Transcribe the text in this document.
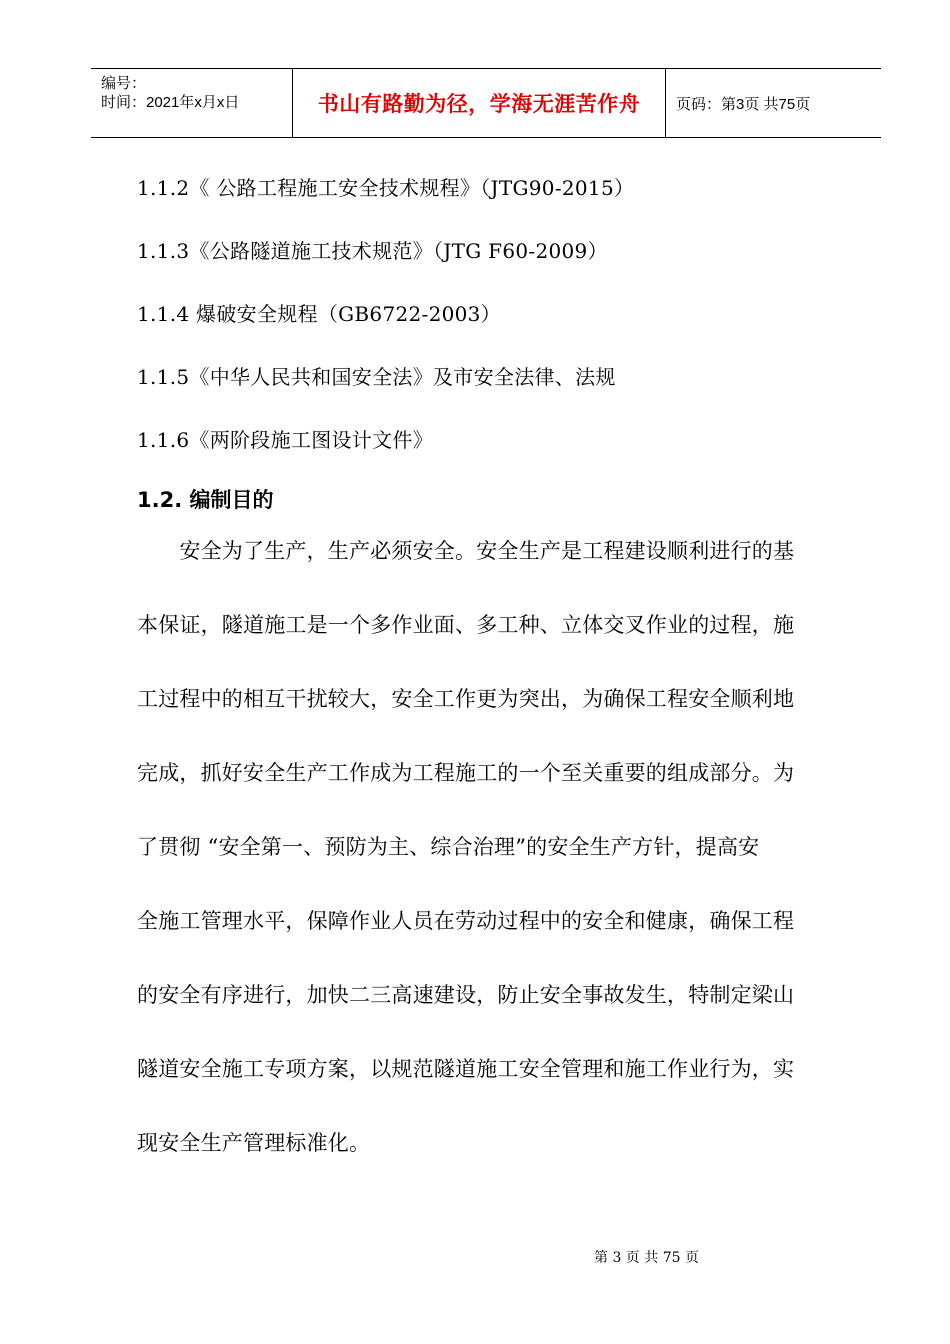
编号：
时间：2021年x月x日	书山有路勤为径，学海无涯苦作舟 页码：第3页 共75页
1.1.2《 公路工程施工安全技术规程》（JTG90-2015）
1.1.3《公路隧道施工技术规范》（JTG F60-2009）
1.1.4 爆破安全规程（GB6722-2003）
1.1.5《中华人民共和国安全法》及市安全法律、法规
1.1.6《两阶段施工图设计文件》
1.2. 编制目的
　　安全为了生产，生产必须安全。安全生产是工程建设顺利进行的基
本保证，隧道施工是一个多作业面、多工种、立体交叉作业的过程，施
工过程中的相互干扰较大，安全工作更为突出，为确保工程安全顺利地
完成，抓好安全生产工作成为工程施工的一个至关重要的组成部分。为
了贯彻 “安全第一、预防为主、综合治理”的安全生产方针，提高安
全施工管理水平，保障作业人员在劳动过程中的安全和健康，确保工程
的安全有序进行，加快二三高速建设，防止安全事故发生，特制定梁山
隧道安全施工专项方案，以规范隧道施工安全管理和施工作业行为，实
现安全生产管理标准化。
第 3 页 共 75 页
